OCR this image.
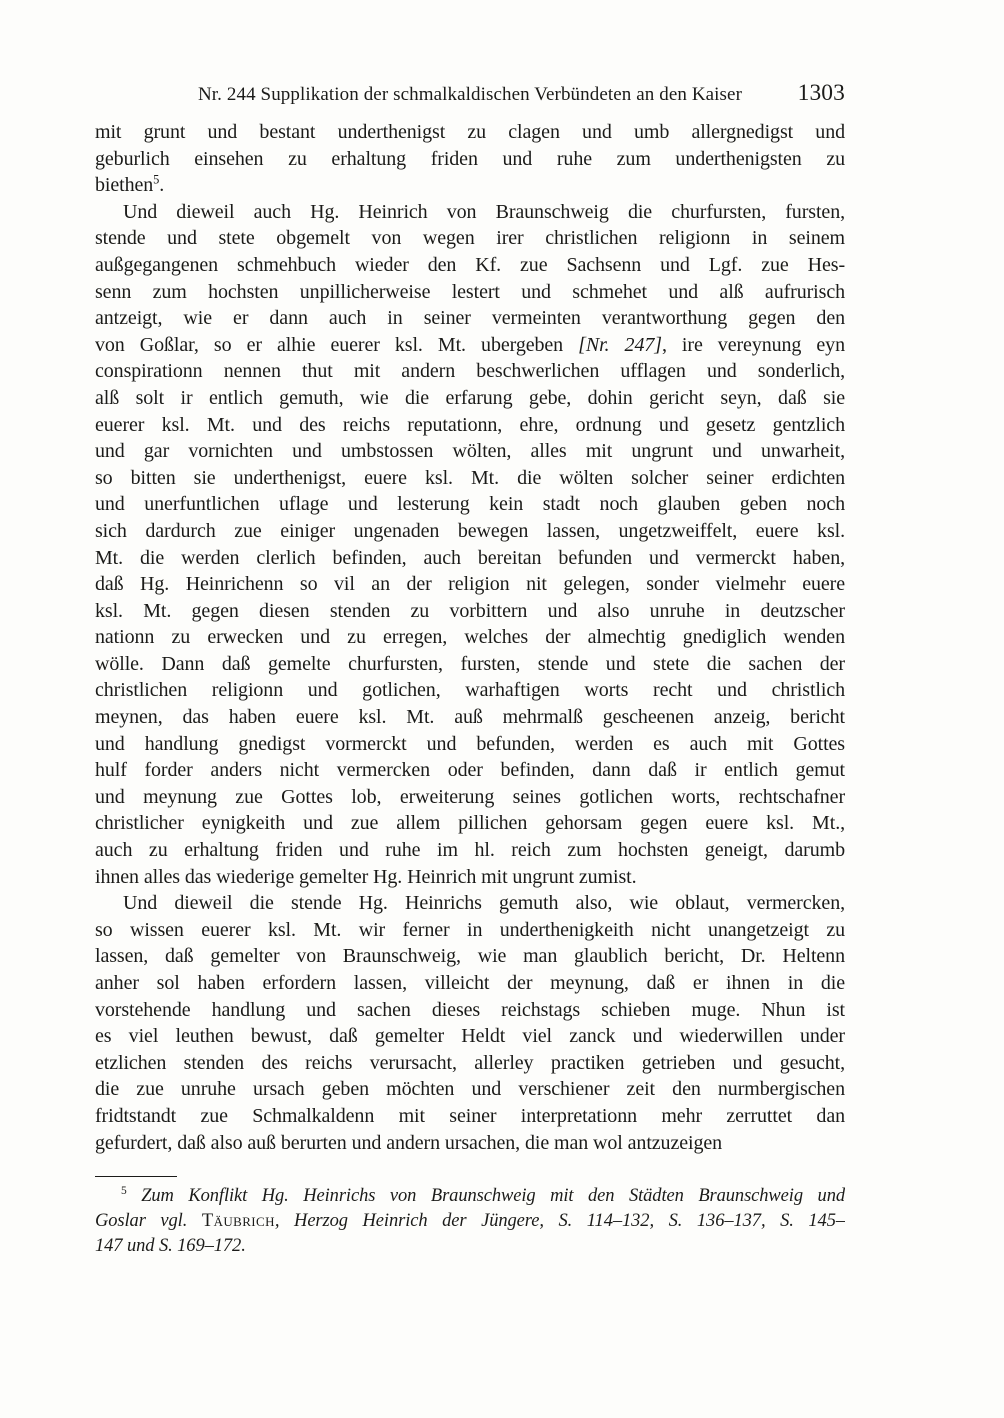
Nr. 244 Supplikation der schmalkaldischen Verbündeten an den Kaiser	1303
mit grunt und bestant underthenigst zu clagen und umb allergnedigst und
geburlich einsehen zu erhaltung friden und ruhe zum underthenigsten zu
biethen$^5$.
Und dieweil auch Hg. Heinrich von Braunschweig die churfursten, fursten,
stende und stete obgemelt von wegen irer christlichen religionn in seinem
außgegangenen schmehbuch wieder den Kf. zue Sachsenn und Lgf. zue Hes-
senn zum hochsten unpillicherweise lestert und schmehet und alß aufrurisch
antzeigt, wie er dann auch in seiner vermeinten verantworthung gegen den
von Goßlar, so er alhie euerer ksl. Mt. ubergeben [Nr. 247], ire vereynung eyn
conspirationn nennen thut mit andern beschwerlichen ufflagen und sonderlich,
alß solt ir entlich gemuth, wie die erfarung gebe, dohin gericht seyn, daß sie
euerer ksl. Mt. und des reichs reputationn, ehre, ordnung und gesetz gentzlich
und gar vornichten und umbstossen wölten, alles mit ungrunt und unwarheit,
so bitten sie underthenigst, euere ksl. Mt. die wölten solcher seiner erdichten
und unerfuntlichen uflage und lesterung kein stadt noch glauben geben noch
sich dardurch zue einiger ungenaden bewegen lassen, ungetzweiffelt, euere ksl.
Mt. die werden clerlich befinden, auch bereitan befunden und vermerckt haben,
daß Hg. Heinrichenn so vil an der religion nit gelegen, sonder vielmehr euere
ksl. Mt. gegen diesen stenden zu vorbittern und also unruhe in deutzscher
nationn zu erwecken und zu erregen, welches der almechtig gnediglich wenden
wölle. Dann daß gemelte churfursten, fursten, stende und stete die sachen der
christlichen religionn und gotlichen, warhaftigen worts recht und christlich
meynen, das haben euere ksl. Mt. auß mehrmalß gescheenen anzeig, bericht
und handlung gnedigst vormerckt und befunden, werden es auch mit Gottes
hulf forder anders nicht vermercken oder befinden, dann daß ir entlich gemut
und meynung zue Gottes lob, erweiterung seines gotlichen worts, rechtschafner
christlicher eynigkeith und zue allem pillichen gehorsam gegen euere ksl. Mt.,
auch zu erhaltung friden und ruhe im hl. reich zum hochsten geneigt, darumb
ihnen alles das wiederige gemelter Hg. Heinrich mit ungrunt zumist.
Und dieweil die stende Hg. Heinrichs gemuth also, wie oblaut, vermercken,
so wissen euerer ksl. Mt. wir ferner in underthenigkeith nicht unangetzeigt zu
lassen, daß gemelter von Braunschweig, wie man glaublich bericht, Dr. Heltenn
anher sol haben erfordern lassen, villeicht der meynung, daß er ihnen in die
vorstehende handlung und sachen dieses reichstags schieben muge. Nhun ist
es viel leuthen bewust, daß gemelter Heldt viel zanck und wiederwillen under
etzlichen stenden des reichs verursacht, allerley practiken getrieben und gesucht,
die zue unruhe ursach geben möchten und verschiener zeit den nurmbergischen
fridtstandt zue Schmalkaldenn mit seiner interpretationn mehr zerruttet dan
gefurdert, daß also auß berurten und andern ursachen, die man wol antzuzeigen
$^5$ Zum Konflikt Hg. Heinrichs von Braunschweig mit den Städten Braunschweig und
Goslar vgl. Täubrich, Herzog Heinrich der Jüngere, S. 114–132, S. 136–137, S. 145–
147 und S. 169–172.
